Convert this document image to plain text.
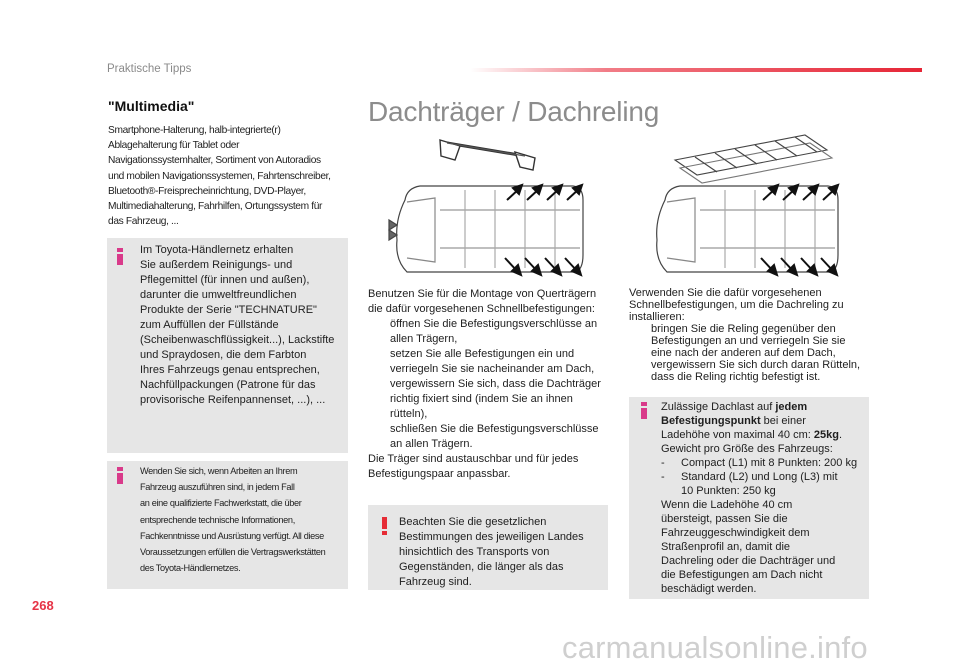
Praktische Tipps
"Multimedia"
Smartphone-Halterung, halb-integrierte(r)
Ablagehalterung für Tablet oder
Navigationssystemhalter, Sortiment von Autoradios
und mobilen Navigationssystemen, Fahrtenschreiber,
Bluetooth®-Freisprecheinrichtung, DVD-Player,
Multimediahalterung, Fahrhilfen, Ortungssystem für
das Fahrzeug, ...
Im Toyota-Händlernetz erhalten
Sie außerdem Reinigungs- und
Pflegemittel (für innen und außen),
darunter die umweltfreundlichen
Produkte der Serie "TECHNATURE"
zum Auffüllen der Füllstände
(Scheibenwaschflüssigkeit...), Lackstifte
und Spraydosen, die dem Farbton
Ihres Fahrzeugs genau entsprechen,
Nachfüllpackungen (Patrone für das
provisorische Reifenpannenset, ...), ...
Wenden Sie sich, wenn Arbeiten an Ihrem
Fahrzeug auszuführen sind, in jedem Fall
an eine qualifizierte Fachwerkstatt, die über
entsprechende technische Informationen,
Fachkenntnisse und Ausrüstung verfügt. All diese
Voraussetzungen erfüllen die Vertragswerkstätten
des Toyota-Händlernetzes.
Dachträger / Dachreling
Benutzen Sie für die Montage von Querträgern
die dafür vorgesehenen Schnellbefestigungen:
öffnen Sie die Befestigungsverschlüsse an
allen Trägern,
setzen Sie alle Befestigungen ein und
verriegeln Sie sie nacheinander am Dach,
vergewissern Sie sich, dass die Dachträger
richtig fixiert sind (indem Sie an ihnen
rütteln),
schließen Sie die Befestigungsverschlüsse
an allen Trägern.
Die Träger sind austauschbar und für jedes
Befestigungspaar anpassbar.
Verwenden Sie die dafür vorgesehenen
Schnellbefestigungen, um die Dachreling zu
installieren:
bringen Sie die Reling gegenüber den
Befestigungen an und verriegeln Sie sie
eine nach der anderen auf dem Dach,
vergewissern Sie sich durch daran Rütteln,
dass die Reling richtig befestigt ist.
Beachten Sie die gesetzlichen
Bestimmungen des jeweiligen Landes
hinsichtlich des Transports von
Gegenständen, die länger als das
Fahrzeug sind.
Zulässige Dachlast auf jedem
Befestigungspunkt bei einer
Ladehöhe von maximal 40 cm: 25kg.
Gewicht pro Größe des Fahrzeugs:
- Compact (L1) mit 8 Punkten: 200 kg
- Standard (L2) und Long (L3) mit
10 Punkten: 250 kg
Wenn die Ladehöhe 40 cm
übersteigt, passen Sie die
Fahrzeuggeschwindigkeit dem
Straßenprofil an, damit die
Dachreling oder die Dachträger und
die Befestigungen am Dach nicht
beschädigt werden.
268
carmanualsonline.info
